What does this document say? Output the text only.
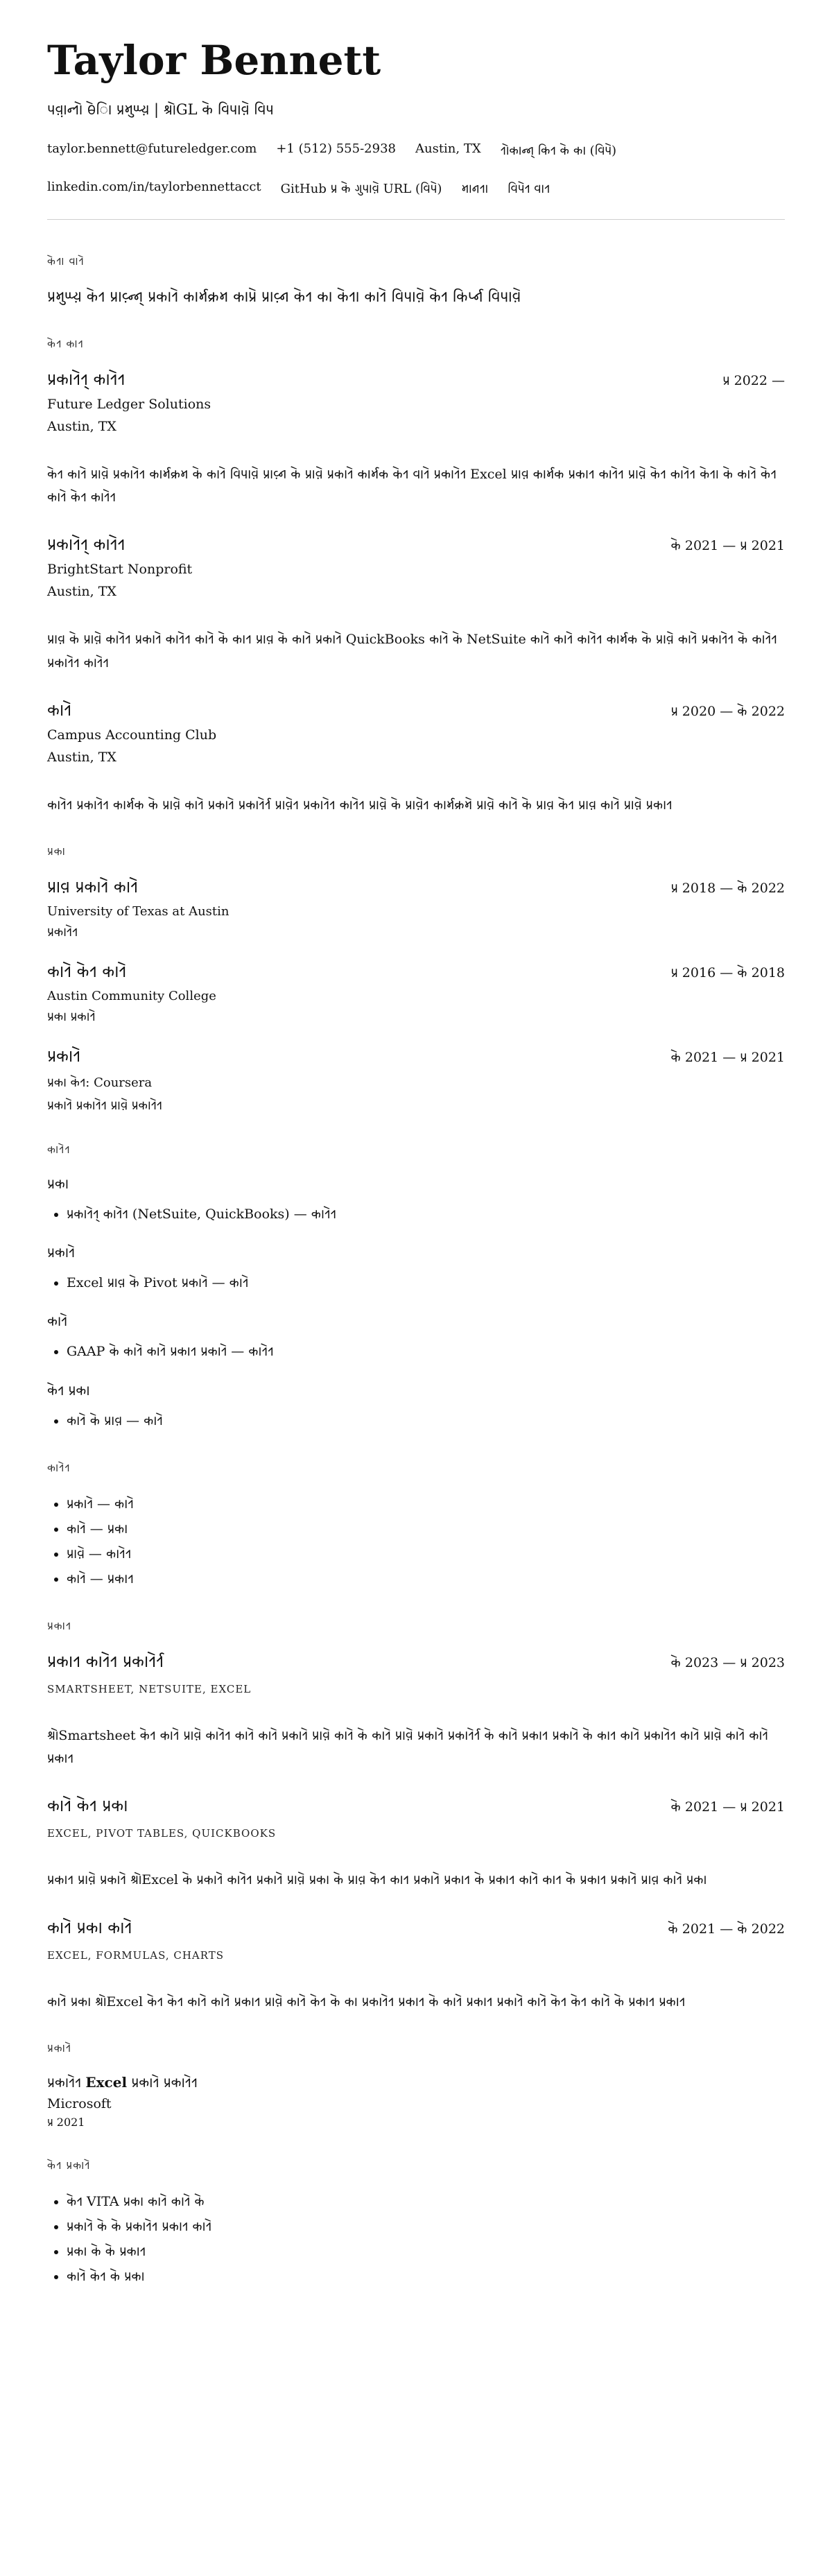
Taylor Bennett
𑂣𑂫𑂺𑂰𑂢𑂹𑂩𑂷 𑂪𑂵𑂱𑂰 𑂣𑂹𑂩𑂧𑂳𑂎𑂹𑂨 | 𑂋GL 𑂍𑂵 𑂥𑂱𑂣𑂰𑂫𑂵 𑂥𑂱𑂣
taylor.bennett@futureledger.com +1 (512) 555-2938 Austin, TX 𑂩𑂷𑂍𑂰𑂢𑂹𑂢𑂹 𑂍𑂱𑂩 𑂍𑂵 𑂍𑂰 (𑂥𑂱𑂣𑂵)
linkedin.com/in/taylorbennettacct GitHub 𑂣𑂹𑂩 𑂍𑂵 𑂏𑂳𑂣𑂰𑂫𑂵 URL (𑂥𑂱𑂣𑂵) 𑂧𑂰𑂢𑂩𑂰 𑂥𑂱𑂣𑂵𑂩 𑂥𑂰𑂩
𑂍𑂵𑂩𑂰 𑂥𑂰𑂩𑂵

𑂣𑂹𑂩𑂧𑂳𑂎𑂹𑂨 𑂍𑂵𑂩 𑂣𑂹𑂩𑂰𑂫𑂹𑂢𑂹𑂢𑂹 𑂣𑂹𑂩𑂍𑂰𑂩𑂵 𑂍𑂰𑂩𑂹𑂧𑂍𑂹𑂩𑂧 𑂍𑂰𑂣𑂹𑂩𑂵 𑂣𑂹𑂩𑂰𑂫𑂹𑂢 𑂍𑂵𑂩 𑂍𑂰 𑂍𑂵𑂩𑂰 𑂍𑂰𑂩𑂵 𑂥𑂱𑂣𑂰𑂫𑂵 𑂍𑂵𑂩 𑂍𑂱𑂩𑂹𑂣𑂹𑂢 𑂥𑂱𑂣𑂰𑂫𑂵

𑂍𑂵𑂩 𑂍𑂰𑂩
𑂣𑂹𑂩𑂍𑂰𑂩𑂵𑂩𑂹 𑂍𑂰𑂩𑂵𑂩	𑂣𑂹𑂩 2022 —
Future Ledger Solutions
Austin, TX

𑂍𑂵𑂩 𑂍𑂰𑂩𑂵 𑂣𑂹𑂩𑂰𑂫𑂵 𑂣𑂹𑂩𑂍𑂰𑂩𑂵𑂩 𑂍𑂰𑂩𑂹𑂧𑂍𑂹𑂩𑂧 𑂍𑂵 𑂍𑂰𑂩𑂵 𑂥𑂱𑂣𑂰𑂫𑂵 𑂣𑂹𑂩𑂰𑂫𑂹𑂢 𑂍𑂵 𑂣𑂹𑂩𑂰𑂫𑂵 𑂣𑂹𑂩𑂍𑂰𑂩𑂵 𑂍𑂰𑂩𑂹𑂧𑂍 𑂍𑂵𑂩 𑂥𑂰𑂩𑂵 𑂣𑂹𑂩𑂍𑂰𑂩𑂵𑂩 Excel 𑂣𑂹𑂩𑂰𑂫 𑂍𑂰𑂩𑂹𑂧𑂍 𑂣𑂹𑂩𑂍𑂰𑂩 𑂍𑂰𑂩𑂵𑂩 𑂣𑂹𑂩𑂰𑂫𑂵 𑂍𑂵𑂩 𑂍𑂰𑂩𑂵𑂩 𑂍𑂵𑂩𑂰 𑂍𑂵 𑂍𑂰𑂩𑂵 𑂍𑂵𑂩 𑂍𑂰𑂩𑂵 𑂍𑂵𑂩 𑂍𑂰𑂩𑂵𑂩

𑂣𑂹𑂩𑂍𑂰𑂩𑂵𑂩𑂹 𑂍𑂰𑂩𑂵𑂩	𑂍𑂵 2021 — 𑂣𑂹𑂩 2021
BrightStart Nonprofit
Austin, TX

𑂣𑂹𑂩𑂰𑂫 𑂍𑂵 𑂣𑂹𑂩𑂰𑂫𑂵 𑂍𑂰𑂩𑂵𑂩 𑂣𑂹𑂩𑂍𑂰𑂩𑂵 𑂍𑂰𑂩𑂵𑂩 𑂍𑂰𑂩𑂵 𑂍𑂵 𑂍𑂰𑂩 𑂣𑂹𑂩𑂰𑂫 𑂍𑂵 𑂍𑂰𑂩𑂵 𑂣𑂹𑂩𑂍𑂰𑂩𑂵 QuickBooks 𑂍𑂰𑂩𑂵 𑂍𑂵 NetSuite 𑂍𑂰𑂩𑂵 𑂍𑂰𑂩𑂵 𑂍𑂰𑂩𑂵𑂩 𑂍𑂰𑂩𑂹𑂧𑂍 𑂍𑂵 𑂣𑂹𑂩𑂰𑂫𑂵 𑂍𑂰𑂩𑂵 𑂣𑂹𑂩𑂍𑂰𑂩𑂵𑂩 𑂍𑂵 𑂍𑂰𑂩𑂵𑂩 𑂣𑂹𑂩𑂍𑂰𑂩𑂵𑂩 𑂍𑂰𑂩𑂵𑂩

𑂍𑂰𑂩𑂵	𑂣𑂹𑂩 2020 — 𑂍𑂵 2022
Campus Accounting Club
Austin, TX

𑂍𑂰𑂩𑂵𑂩 𑂣𑂹𑂩𑂍𑂰𑂩𑂵𑂩 𑂍𑂰𑂩𑂹𑂧𑂍 𑂍𑂵 𑂣𑂹𑂩𑂰𑂫𑂵 𑂍𑂰𑂩𑂵 𑂣𑂹𑂩𑂍𑂰𑂩𑂵 𑂣𑂹𑂩𑂍𑂰𑂩𑂵𑂩𑂹𑂩 𑂣𑂹𑂩𑂰𑂫𑂵𑂩 𑂣𑂹𑂩𑂍𑂰𑂩𑂵𑂩 𑂍𑂰𑂩𑂵𑂩 𑂣𑂹𑂩𑂰𑂫𑂵 𑂍𑂵 𑂣𑂹𑂩𑂰𑂫𑂵𑂩 𑂍𑂰𑂩𑂹𑂧𑂍𑂹𑂩𑂧𑂵 𑂣𑂹𑂩𑂰𑂫𑂵 𑂍𑂰𑂩𑂵 𑂍𑂵 𑂣𑂹𑂩𑂰𑂫 𑂍𑂵𑂩 𑂣𑂹𑂩𑂰𑂫 𑂍𑂰𑂩𑂵 𑂣𑂹𑂩𑂰𑂫𑂵 𑂣𑂹𑂩𑂍𑂰𑂩

𑂣𑂹𑂩𑂍𑂰
𑂣𑂹𑂩𑂰𑂫 𑂣𑂹𑂩𑂍𑂰𑂩𑂵 𑂍𑂰𑂩𑂵	𑂣𑂹𑂩 2018 — 𑂍𑂵 2022
University of Texas at Austin
𑂣𑂹𑂩𑂍𑂰𑂩𑂵𑂩
𑂍𑂰𑂩𑂵 𑂍𑂵𑂩 𑂍𑂰𑂩𑂵	𑂣𑂹𑂩 2016 — 𑂍𑂵 2018
Austin Community College
𑂣𑂹𑂩𑂍𑂰 𑂣𑂹𑂩𑂍𑂰𑂩𑂵
𑂣𑂹𑂩𑂍𑂰𑂩𑂵	𑂍𑂵 2021 — 𑂣𑂹𑂩 2021
𑂣𑂹𑂩𑂍𑂰 𑂍𑂵𑂩: Coursera
𑂣𑂹𑂩𑂍𑂰𑂩𑂵 𑂣𑂹𑂩𑂍𑂰𑂩𑂵𑂩 𑂣𑂹𑂩𑂰𑂫𑂵 𑂣𑂹𑂩𑂍𑂰𑂩𑂵𑂩
𑂍𑂰𑂩𑂵𑂩
𑂣𑂹𑂩𑂍𑂰
• 𑂣𑂹𑂩𑂍𑂰𑂩𑂵𑂩𑂹 𑂍𑂰𑂩𑂵𑂩 (NetSuite, QuickBooks) — 𑂍𑂰𑂩𑂵𑂩
𑂣𑂹𑂩𑂍𑂰𑂩𑂵
• Excel 𑂣𑂹𑂩𑂰𑂫 𑂍𑂵 Pivot 𑂣𑂹𑂩𑂍𑂰𑂩𑂵 — 𑂍𑂰𑂩𑂵
𑂍𑂰𑂩𑂵
• GAAP 𑂍𑂵 𑂍𑂰𑂩𑂵 𑂍𑂰𑂩𑂵 𑂣𑂹𑂩𑂍𑂰𑂩 𑂣𑂹𑂩𑂍𑂰𑂩𑂵 — 𑂍𑂰𑂩𑂵𑂩
𑂍𑂵𑂩 𑂣𑂹𑂩𑂍𑂰
• 𑂍𑂰𑂩𑂵 𑂍𑂵 𑂣𑂹𑂩𑂰𑂫 — 𑂍𑂰𑂩𑂵
𑂍𑂰𑂩𑂵𑂩
• 𑂣𑂹𑂩𑂍𑂰𑂩𑂵 — 𑂍𑂰𑂩𑂵
• 𑂍𑂰𑂩𑂵 — 𑂣𑂹𑂩𑂍𑂰
• 𑂣𑂹𑂩𑂰𑂫𑂵 — 𑂍𑂰𑂩𑂵𑂩
• 𑂍𑂰𑂩𑂵 — 𑂣𑂹𑂩𑂍𑂰𑂩
𑂣𑂹𑂩𑂍𑂰𑂩
𑂣𑂹𑂩𑂍𑂰𑂩 𑂍𑂰𑂩𑂵𑂩 𑂣𑂹𑂩𑂍𑂰𑂩𑂵𑂩𑂹𑂩	𑂍𑂵 2023 — 𑂣𑂹𑂩 2023
SMARTSHEET, NETSUITE, EXCEL

𑂋Smartsheet 𑂍𑂵𑂩 𑂍𑂰𑂩𑂵 𑂣𑂹𑂩𑂰𑂫𑂵 𑂍𑂰𑂩𑂵𑂩 𑂍𑂰𑂩𑂵 𑂍𑂰𑂩𑂵 𑂣𑂹𑂩𑂍𑂰𑂩𑂵 𑂣𑂹𑂩𑂰𑂫𑂵 𑂍𑂰𑂩𑂵 𑂍𑂵 𑂍𑂰𑂩𑂵 𑂣𑂹𑂩𑂰𑂫𑂵 𑂣𑂹𑂩𑂍𑂰𑂩𑂵 𑂣𑂹𑂩𑂍𑂰𑂩𑂵𑂩𑂹𑂩 𑂍𑂵 𑂍𑂰𑂩𑂵 𑂣𑂹𑂩𑂍𑂰𑂩 𑂣𑂹𑂩𑂍𑂰𑂩𑂵 𑂍𑂵 𑂍𑂰𑂩 𑂍𑂰𑂩𑂵 𑂣𑂹𑂩𑂍𑂰𑂩𑂵𑂩 𑂍𑂰𑂩𑂵 𑂣𑂹𑂩𑂰𑂫𑂵 𑂍𑂰𑂩𑂵 𑂍𑂰𑂩𑂵 𑂣𑂹𑂩𑂍𑂰𑂩

𑂍𑂰𑂩𑂵 𑂍𑂵𑂩 𑂣𑂹𑂩𑂍𑂰	𑂍𑂵 2021 — 𑂣𑂹𑂩 2021
EXCEL, PIVOT TABLES, QUICKBOOKS

𑂣𑂹𑂩𑂍𑂰𑂩 𑂣𑂹𑂩𑂰𑂫𑂵 𑂣𑂹𑂩𑂍𑂰𑂩𑂵 𑂋Excel 𑂍𑂵 𑂣𑂹𑂩𑂍𑂰𑂩𑂵 𑂍𑂰𑂩𑂵𑂩 𑂣𑂹𑂩𑂍𑂰𑂩𑂵 𑂣𑂹𑂩𑂰𑂫𑂵 𑂣𑂹𑂩𑂍𑂰 𑂍𑂵 𑂣𑂹𑂩𑂰𑂫 𑂍𑂵𑂩 𑂍𑂰𑂩 𑂣𑂹𑂩𑂍𑂰𑂩𑂵 𑂣𑂹𑂩𑂍𑂰𑂩 𑂍𑂵 𑂣𑂹𑂩𑂍𑂰𑂩 𑂍𑂰𑂩𑂵 𑂍𑂰𑂩 𑂍𑂵 𑂣𑂹𑂩𑂍𑂰𑂩 𑂣𑂹𑂩𑂍𑂰𑂩𑂵 𑂣𑂹𑂩𑂰𑂫 𑂍𑂰𑂩𑂵 𑂣𑂹𑂩𑂍𑂰

𑂍𑂰𑂩𑂵 𑂣𑂹𑂩𑂍𑂰 𑂍𑂰𑂩𑂵	𑂍𑂵 2021 — 𑂍𑂵 2022
EXCEL, FORMULAS, CHARTS

𑂍𑂰𑂩𑂵 𑂣𑂹𑂩𑂍𑂰 𑂋Excel 𑂍𑂵𑂩 𑂍𑂵𑂩 𑂍𑂰𑂩𑂵 𑂍𑂰𑂩𑂵 𑂣𑂹𑂩𑂍𑂰𑂩 𑂣𑂹𑂩𑂰𑂫𑂵 𑂍𑂰𑂩𑂵 𑂍𑂵𑂩 𑂍𑂵 𑂍𑂰 𑂣𑂹𑂩𑂍𑂰𑂩𑂵𑂩 𑂣𑂹𑂩𑂍𑂰𑂩 𑂍𑂵 𑂍𑂰𑂩𑂵 𑂣𑂹𑂩𑂍𑂰𑂩 𑂣𑂹𑂩𑂍𑂰𑂩𑂵 𑂍𑂰𑂩𑂵 𑂍𑂵𑂩 𑂍𑂵𑂩 𑂍𑂰𑂩𑂵 𑂍𑂵 𑂣𑂹𑂩𑂍𑂰𑂩 𑂣𑂹𑂩𑂍𑂰𑂩

𑂣𑂹𑂩𑂍𑂰𑂩𑂵
𑂣𑂹𑂩𑂍𑂰𑂩𑂵𑂩 Excel 𑂣𑂹𑂩𑂍𑂰𑂩𑂵 𑂣𑂹𑂩𑂍𑂰𑂩𑂵𑂩
Microsoft
𑂣𑂹𑂩 2021
𑂍𑂵𑂩 𑂣𑂹𑂩𑂍𑂰𑂩𑂵
• 𑂍𑂵𑂩 VITA 𑂣𑂹𑂩𑂍𑂰 𑂍𑂰𑂩𑂵 𑂍𑂰𑂩𑂵 𑂍𑂵
• 𑂣𑂹𑂩𑂍𑂰𑂩𑂵 𑂍𑂵 𑂍𑂵 𑂣𑂹𑂩𑂍𑂰𑂩𑂵𑂩 𑂣𑂹𑂩𑂍𑂰𑂩 𑂍𑂰𑂩𑂵
• 𑂣𑂹𑂩𑂍𑂰 𑂍𑂵 𑂍𑂵 𑂣𑂹𑂩𑂍𑂰𑂩
• 𑂍𑂰𑂩𑂵 𑂍𑂵𑂩 𑂍𑂵 𑂣𑂹𑂩𑂍𑂰
